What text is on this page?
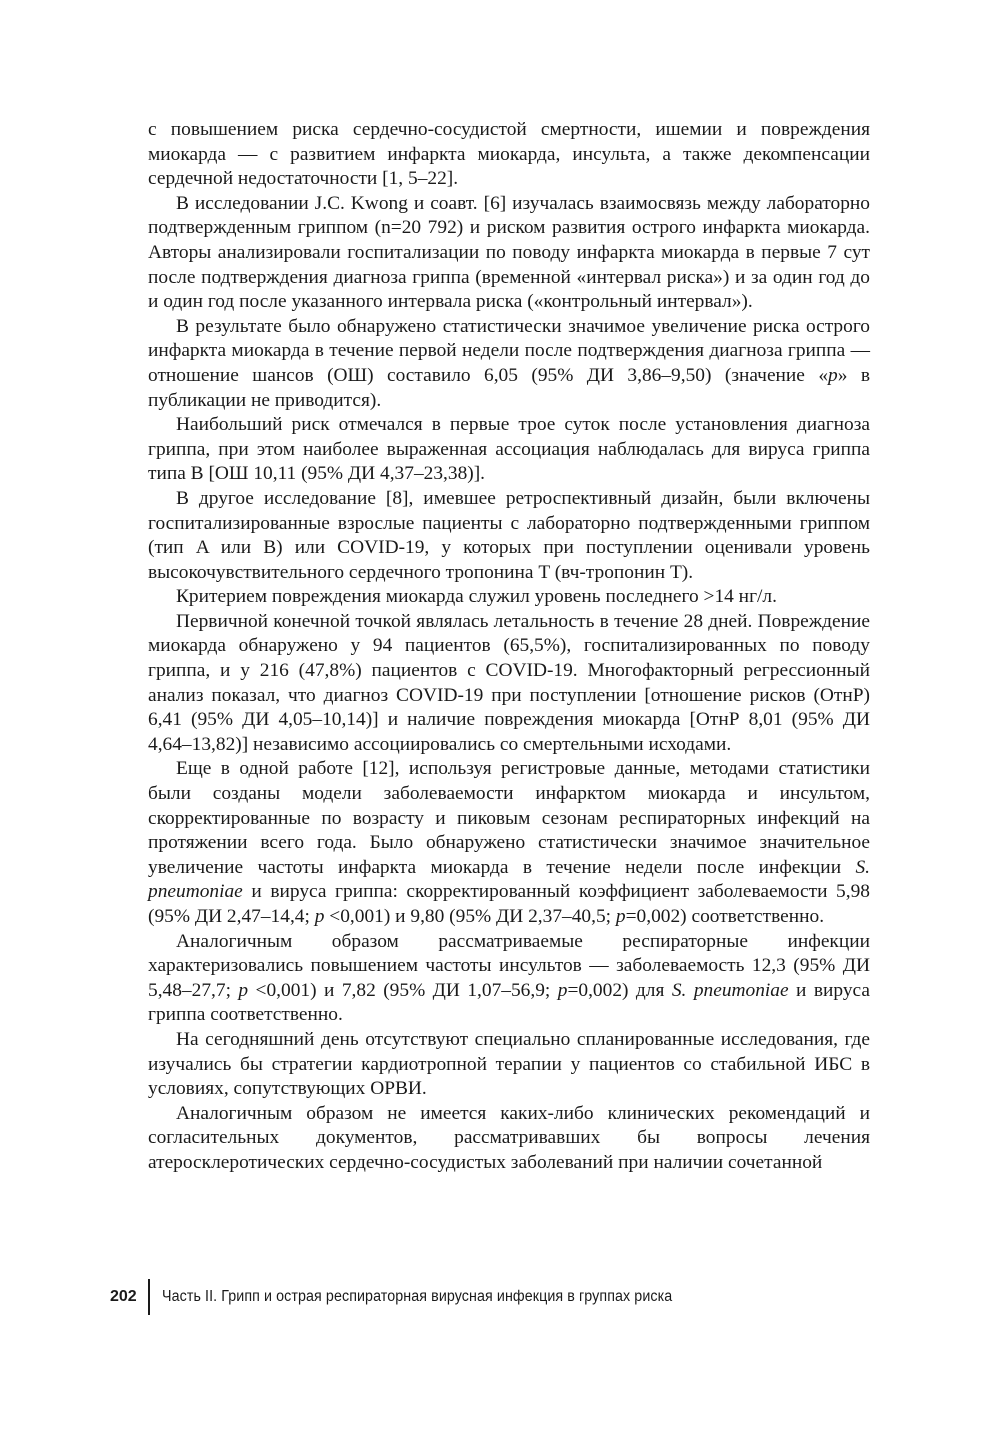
с повышением риска сердечно-сосудистой смертности, ишемии и повреждения миокарда — с развитием инфаркта миокарда, инсульта, а также декомпенсации сердечной недостаточности [1, 5–22].

В исследовании J.C. Kwong и соавт. [6] изучалась взаимосвязь между лабораторно подтвержденным гриппом (n=20 792) и риском развития острого инфаркта миокарда. Авторы анализировали госпитализации по поводу инфаркта миокарда в первые 7 сут после подтверждения диагноза гриппа (временной «интервал риска») и за один год до и один год после указанного интервала риска («контрольный интервал»).

В результате было обнаружено статистически значимое увеличение риска острого инфаркта миокарда в течение первой недели после подтверждения диагноза гриппа — отношение шансов (ОШ) составило 6,05 (95% ДИ 3,86–9,50) (значение «p» в публикации не приводится).

Наибольший риск отмечался в первые трое суток после установления диагноза гриппа, при этом наиболее выраженная ассоциация наблюдалась для вируса гриппа типа B [ОШ 10,11 (95% ДИ 4,37–23,38)].

В другое исследование [8], имевшее ретроспективный дизайн, были включены госпитализированные взрослые пациенты с лабораторно подтвержденными гриппом (тип A или B) или COVID-19, у которых при поступлении оценивали уровень высокочувствительного сердечного тропонина T (вч-тропонин T).

Критерием повреждения миокарда служил уровень последнего >14 нг/л.

Первичной конечной точкой являлась летальность в течение 28 дней. Повреждение миокарда обнаружено у 94 пациентов (65,5%), госпитализированных по поводу гриппа, и у 216 (47,8%) пациентов с COVID-19. Многофакторный регрессионный анализ показал, что диагноз COVID-19 при поступлении [отношение рисков (ОтнР) 6,41 (95% ДИ 4,05–10,14)] и наличие повреждения миокарда [ОтнР 8,01 (95% ДИ 4,64–13,82)] независимо ассоциировались со смертельными исходами.

Еще в одной работе [12], используя регистровые данные, методами статистики были созданы модели заболеваемости инфарктом миокарда и инсультом, скорректированные по возрасту и пиковым сезонам респираторных инфекций на протяжении всего года. Было обнаружено статистически значимое значительное увеличение частоты инфаркта миокарда в течение недели после инфекции S. pneumoniae и вируса гриппа: скорректированный коэффициент заболеваемости 5,98 (95% ДИ 2,47–14,4; p <0,001) и 9,80 (95% ДИ 2,37–40,5; p=0,002) соответственно.

Аналогичным образом рассматриваемые респираторные инфекции характеризовались повышением частоты инсультов — заболеваемость 12,3 (95% ДИ 5,48–27,7; p <0,001) и 7,82 (95% ДИ 1,07–56,9; p=0,002) для S. pneumoniae и вируса гриппа соответственно.

На сегодняшний день отсутствуют специально спланированные исследования, где изучались бы стратегии кардиотропной терапии у пациентов со стабильной ИБС в условиях, сопутствующих ОРВИ.

Аналогичным образом не имеется каких-либо клинических рекомендаций и согласительных документов, рассматривавших бы вопросы лечения атеросклеротических сердечно-сосудистых заболеваний при наличии сочетанной

202	Часть II. Грипп и острая респираторная вирусная инфекция в группах риска
